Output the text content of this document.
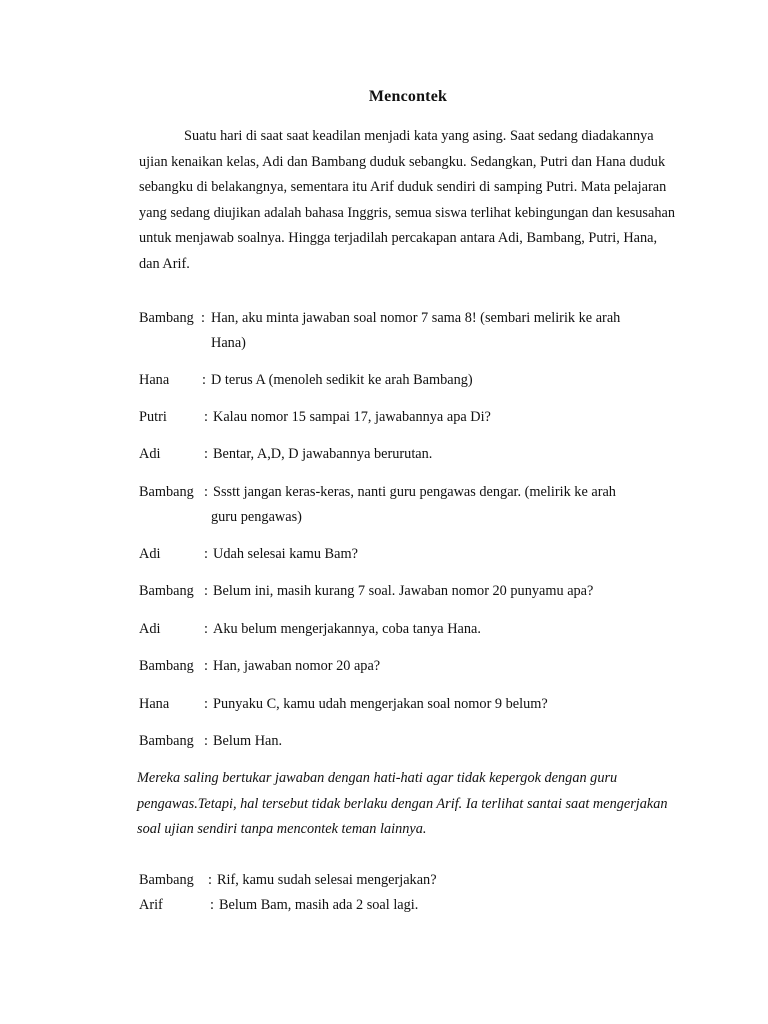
Mencontek

Suatu hari di saat saat keadilan menjadi kata yang asing. Saat sedang diadakannya ujian kenaikan kelas, Adi dan Bambang duduk sebangku. Sedangkan, Putri dan Hana duduk sebangku di belakangnya, sementara itu Arif duduk sendiri di samping Putri. Mata pelajaran yang sedang diujikan adalah bahasa Inggris, semua siswa terlihat kebingungan dan kesusahan untuk menjawab soalnya. Hingga terjadilah percakapan antara Adi, Bambang, Putri, Hana, dan Arif.

Bambang : Han, aku minta jawaban soal nomor 7 sama 8! (sembari melirik ke arah
Hana)
Hana : D terus A (menoleh sedikit ke arah Bambang)
Putri	: Kalau nomor 15 sampai 17, jawabannya apa Di?
Adi	: Bentar, A,D, D jawabannya berurutan.
Bambang : Ssstt jangan keras-keras, nanti guru pengawas dengar. (melirik ke arah
guru pengawas)
Adi	: Udah selesai kamu Bam?
Bambang : Belum ini, masih kurang 7 soal. Jawaban nomor 20 punyamu apa?
Adi	: Aku belum mengerjakannya, coba tanya Hana.
Bambang : Han, jawaban nomor 20 apa?
Hana : Punyaku C, kamu udah mengerjakan soal nomor 9 belum?
Bambang : Belum Han.

Mereka saling bertukar jawaban dengan hati-hati agar tidak kepergok dengan guru pengawas.Tetapi, hal tersebut tidak berlaku dengan Arif. Ia terlihat santai saat mengerjakan soal ujian sendiri tanpa mencontek teman lainnya.

Bambang : Rif, kamu sudah selesai mengerjakan?
Arif	: Belum Bam, masih ada 2 soal lagi.
